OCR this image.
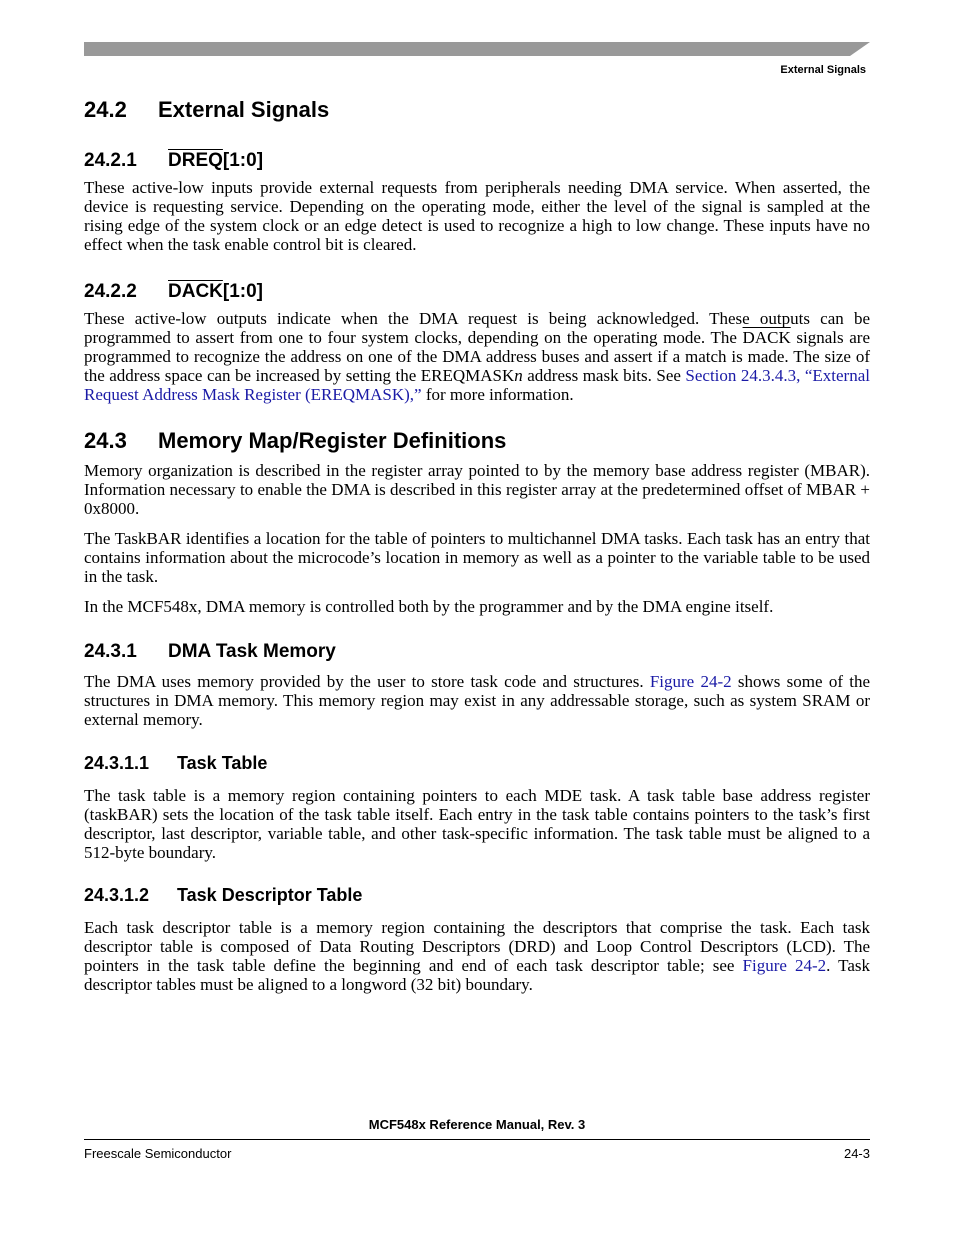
External Signals
24.2 External Signals
24.2.1 DREQ[1:0]

These active-low inputs provide external requests from peripherals needing DMA service. When asserted, the device is requesting service. Depending on the operating mode, either the level of the signal is sampled at the rising edge of the system clock or an edge detect is used to recognize a high to low change. These inputs have no effect when the task enable control bit is cleared.

24.2.2 DACK[1:0]

These active-low outputs indicate when the DMA request is being acknowledged. These outputs can be programmed to assert from one to four system clocks, depending on the operating mode. The DACK signals are programmed to recognize the address on one of the DMA address buses and assert if a match is made. The size of the address space can be increased by setting the EREQMASKn address mask bits. See Section 24.3.4.3, “External Request Address Mask Register (EREQMASK),” for more information.

24.3 Memory Map/Register Definitions

Memory organization is described in the register array pointed to by the memory base address register (MBAR). Information necessary to enable the DMA is described in this register array at the predetermined offset of MBAR + 0x8000.

The TaskBAR identifies a location for the table of pointers to multichannel DMA tasks. Each task has an entry that contains information about the microcode’s location in memory as well as a pointer to the variable table to be used in the task.

In the MCF548x, DMA memory is controlled both by the programmer and by the DMA engine itself.

24.3.1 DMA Task Memory

The DMA uses memory provided by the user to store task code and structures. Figure 24-2 shows some of the structures in DMA memory. This memory region may exist in any addressable storage, such as system SRAM or external memory.

24.3.1.1 Task Table

The task table is a memory region containing pointers to each MDE task. A task table base address register (taskBAR) sets the location of the task table itself. Each entry in the task table contains pointers to the task’s first descriptor, last descriptor, variable table, and other task-specific information. The task table must be aligned to a 512-byte boundary.

24.3.1.2 Task Descriptor Table

Each task descriptor table is a memory region containing the descriptors that comprise the task. Each task descriptor table is composed of Data Routing Descriptors (DRD) and Loop Control Descriptors (LCD). The pointers in the task table define the beginning and end of each task descriptor table; see Figure 24-2. Task descriptor tables must be aligned to a longword (32 bit) boundary.

MCF548x Reference Manual, Rev. 3
Freescale Semiconductor	24-3
